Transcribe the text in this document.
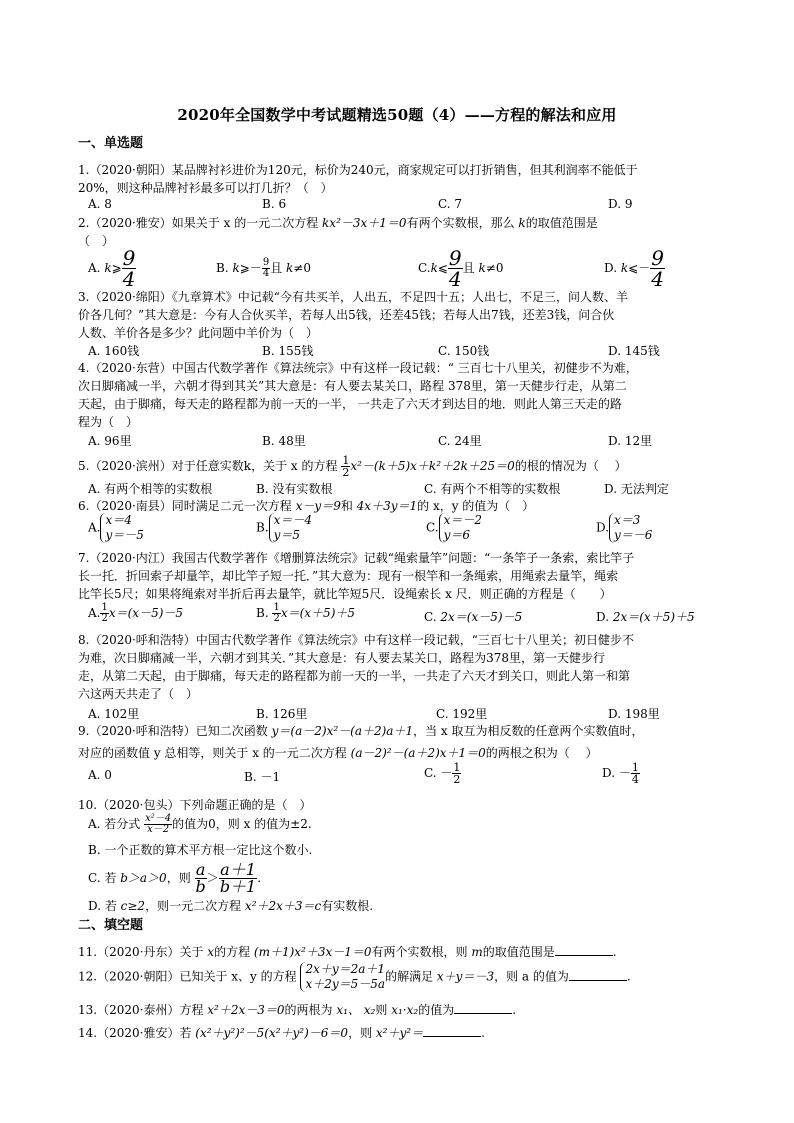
2020年全国数学中考试题精选50题（4）——方程的解法和应用
一、单选题
1.（2020·朝阳）某品牌衬衫进价为120元，标价为240元，商家规定可以打折销售，但其利润率不能低于
20%，则这种品牌衬衫最多可以打几折？（　）
A. 8	B. 6	C. 7	D. 9
2.（2020·雅安）如果关于 x 的一元二次方程 kx²－3x＋1＝0有两个实数根，那么 k的取值范围是
（　）
A. k⩾ $\frac{9}{4}$	B. k⩾－ $\frac{9}{4}$ 且 k≠0	C.k⩽ $\frac{9}{4}$ 且 k≠0	D. k⩽－ $\frac{9}{4}$
3.（2020·绵阳）《九章算术》中记载“今有共买羊，人出五，不足四十五；人出七，不足三，问人数、羊
价各几何？”其大意是：今有人合伙买羊，若每人出5钱，还差45钱；若每人出7钱，还差3钱，问合伙
人数、羊价各是多少？此问题中羊价为（　）
A. 160钱	B. 155钱	C. 150钱	D. 145钱
4.（2020·东营）中国古代数学著作《算法统宗》中有这样一段记载：“ 三百七十八里关，初健步不为难，
次日脚痛减一半，六朝才得到其关”其大意是：有人要去某关口，路程 378里，第一天健步行走，从第二
天起，由于脚痛，每天走的路程都为前一天的一半， 一共走了六天才到达目的地．则此人第三天走的路
程为（　）
A. 96里	B. 48里	C. 24里	D. 12里
5.（2020·滨州）对于任意实数k，关于 x 的方程 $\frac{1}{2} x^2-(k+5)x+k^2+2k+25=0$的根的情况为（　 ）
A. 有两个相等的实数根	B. 没有实数根	C. 有两个不相等的实数根	D. 无法判定
6.（2020·南县）同时满足二元一次方程 x－y＝9和 4x＋3y＝1的 x，y 的值为（　）
A.x＝4
y＝－5
B.x＝－4
y＝5
C.x＝－2
y＝6
D.x＝3
y＝－6
7.（2020·内江）我国古代数学著作《增删算法统宗》记载“绳索量竿”问题：“一条竿子一条索，索比竿子
长一托．折回索子却量竿，却比竿子短一托．”其大意为：现有一根竿和一条绳索，用绳索去量竿，绳索
比竿长5尺；如果将绳索对半折后再去量竿，就比竿短5尺．设绳索长 x 尺．则正确的方程是（　　）
A. $\frac{1}{2} x=(x-5)-5$	B. $\frac{1}{2} x=(x+5)+5$	C. 2x＝(x－5)－5	D. 2x＝(x＋5)＋5
8.（2020·呼和浩特）中国古代数学著作《算法统宗》中有这样一段记载，“三百七十八里关；初日健步不
为难，次日脚痛减一半，六朝才到其关．”其大意是：有人要去某关口，路程为378里，第一天健步行
走，从第二天起，由于脚痛，每天走的路程都为前一天的一半，一共走了六天才到关口，则此人第一和第
六这两天共走了（　）
A. 102里	B. 126里	C. 192里	D. 198里
9.（2020·呼和浩特）已知二次函数 y＝(a－2)x²－(a＋2)a＋1，当 x 取互为相反数的任意两个实数值时，
对应的函数值 y 总相等，则关于 x 的一元二次方程 (a－2)²－(a＋2)x＋1＝0的两根之积为（　 ）
A. 0	B. －1	C. － $\frac{1}{2}$	D. － $\frac{1}{4}$
10.（2020·包头）下列命题正确的是（　）
A. 若分式 $\frac{\text{x²－4}}{x-2}$ 的值为0，则 x 的值为±2.
B. 一个正数的算术平方根一定比这个数小.
C. 若 b＞a＞0，则 $\frac{a}{b} > \frac{a+1}{b+1}$ .
D. 若 c≥2，则一元二次方程 x²＋2x＋3＝c有实数根.
二、填空题
11.（2020·丹东）关于 x的方程 (m＋1)x²＋3x－1＝0有两个实数根，则 m的取值范围是	.
12.（2020·朝阳）已知关于 x、y 的方程 2x＋y＝2a＋1
x＋2y＝5－5a的解满足 x＋y＝－3，则 a 的值为	.
13.（2020·泰州）方程 x²＋2x－3＝0的两根为 x₁、 x₂则 x₁·x₂的值为	.
14.（2020·雅安）若 (x²＋y²)²－5(x²＋y²)－6＝0，则 x²＋y²＝	.
